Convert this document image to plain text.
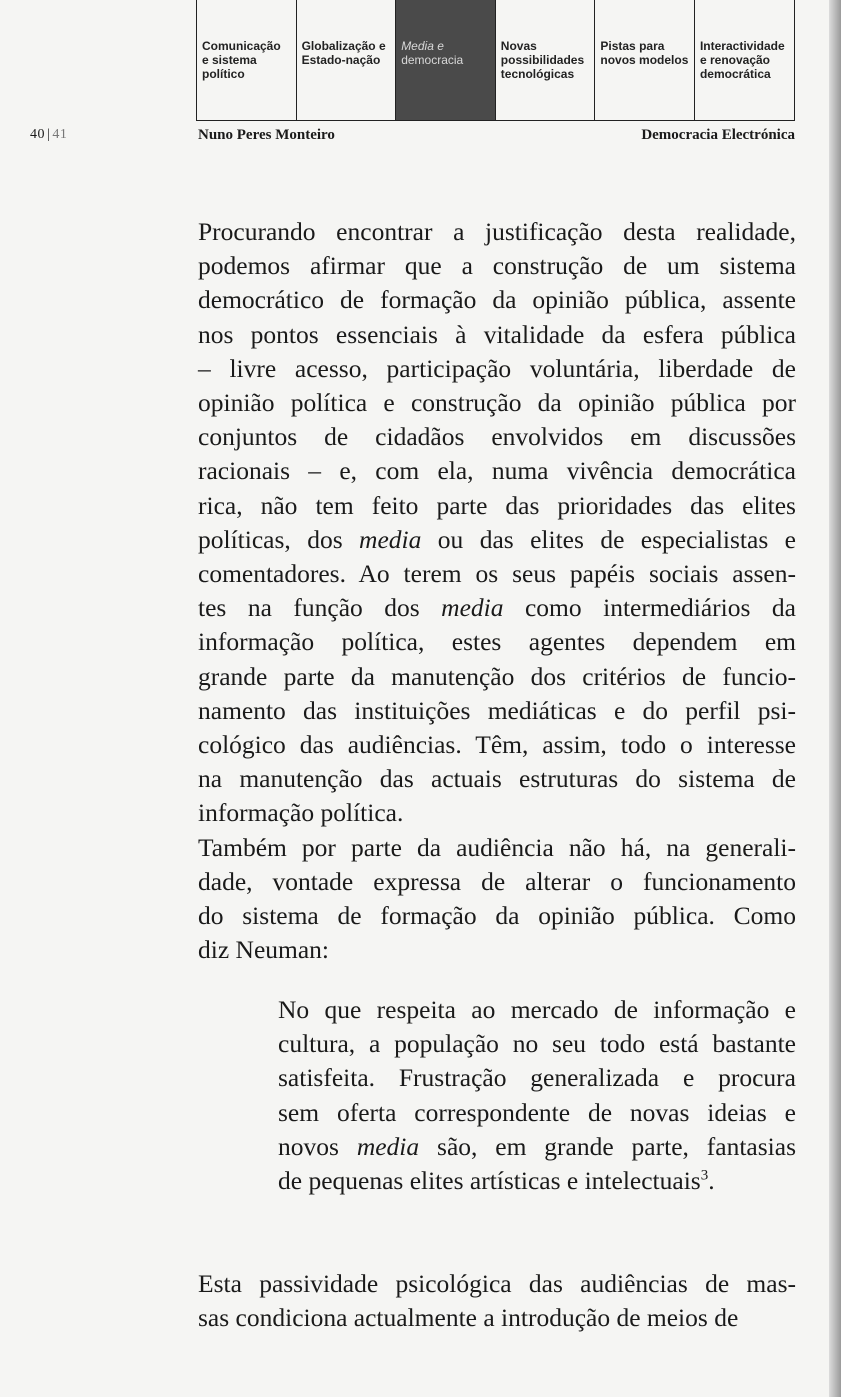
Comunicação
e sistema
político
Globalização e
Estado-nação
Media e
democracia
Novas
possibilidades
tecnológicas
Pistas para
novos modelos
Interactividade
e renovação
democrática
40 | 41	Nuno Peres Monteiro	Democracia Electrónica

Procurando encontrar a justificação desta realidade,
podemos afirmar que a construção de um sistema
democrático de formação da opinião pública, assente
nos pontos essenciais à vitalidade da esfera pública
– livre acesso, participação voluntária, liberdade de
opinião política e construção da opinião pública por
conjuntos de cidadãos envolvidos em discussões
racionais – e, com ela, numa vivência democrática
rica, não tem feito parte das prioridades das elites
políticas, dos media ou das elites de especialistas e
comentadores. Ao terem os seus papéis sociais assen-
tes na função dos media como intermediários da
informação política, estes agentes dependem em
grande parte da manutenção dos critérios de funcio-
namento das instituições mediáticas e do perfil psi-
cológico das audiências. Têm, assim, todo o interesse
na manutenção das actuais estruturas do sistema de
informação política.

Também por parte da audiência não há, na generali-
dade, vontade expressa de alterar o funcionamento
do sistema de formação da opinião pública. Como
diz Neuman:

No que respeita ao mercado de informação e
cultura, a população no seu todo está bastante
satisfeita. Frustração generalizada e procura
sem oferta correspondente de novas ideias e
novos media são, em grande parte, fantasias
de pequenas elites artísticas e intelectuais$^3$.

Esta passividade psicológica das audiências de mas-
sas condiciona actualmente a introdução de meios de
